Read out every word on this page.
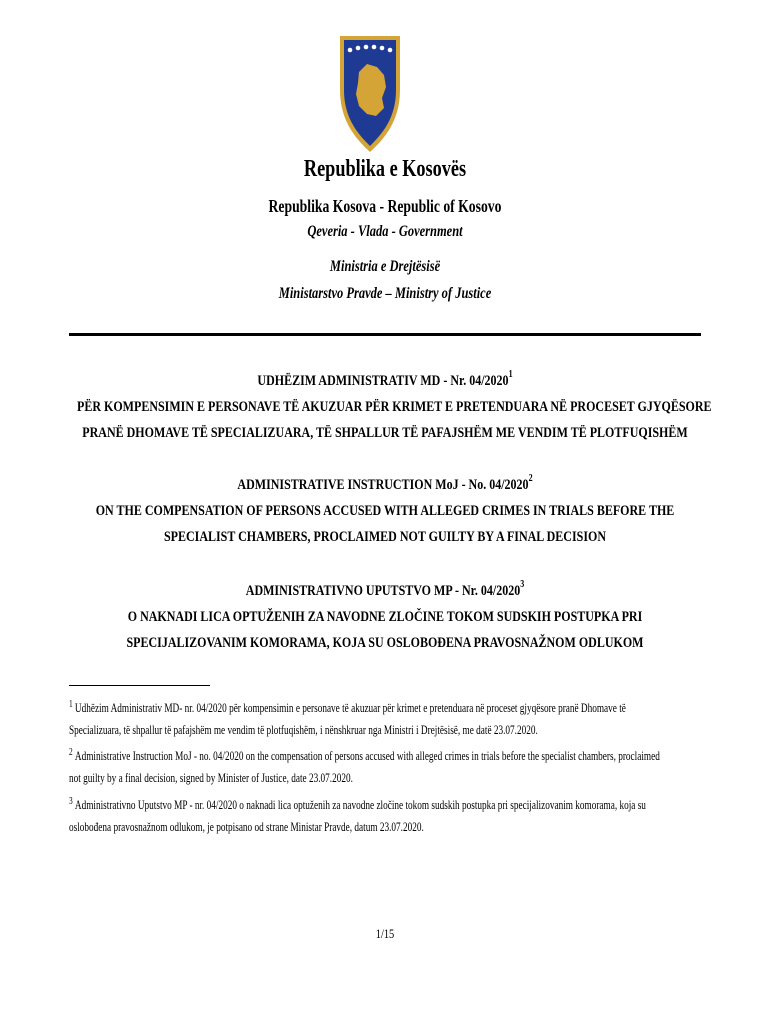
Republika e Kosovës
Republika Kosova - Republic of Kosovo
Qeveria - Vlada - Government
Ministria e Drejtësisë
Ministarstvo Pravde – Ministry of Justice
UDHËZIM ADMINISTRATIV MD - Nr. 04/2020$^1$
PËR KOMPENSIMIN E PERSONAVE TË AKUZUAR PËR KRIMET E PRETENDUARA NË PROCESET GJYQËSORE
PRANË DHOMAVE TË SPECIALIZUARA, TË SHPALLUR TË PAFAJSHËM ME VENDIM TË PLOTFUQISHËM
ADMINISTRATIVE INSTRUCTION MoJ - No. 04/2020$^2$
ON THE COMPENSATION OF PERSONS ACCUSED WITH ALLEGED CRIMES IN TRIALS BEFORE THE
SPECIALIST CHAMBERS, PROCLAIMED NOT GUILTY BY A FINAL DECISION
ADMINISTRATIVNO UPUTSTVO MP - Nr. 04/2020$^3$
O NAKNADI LICA OPTUŽENIH ZA NAVODNE ZLOČINE TOKOM SUDSKIH POSTUPKA PRI
SPECIJALIZOVANIM KOMORAMA, KOJA SU OSLOBOĐENA PRAVOSNAŽNOM ODLUKOM
$^1$ Udhëzim Administrativ MD- nr. 04/2020 për kompensimin e personave të akuzuar për krimet e pretenduara në proceset gjyqësore pranë Dhomave të
Specializuara, të shpallur të pafajshëm me vendim të plotfuqishëm, i nënshkruar nga Ministri i Drejtësisë, me datë 23.07.2020.
$^2$ Administrative Instruction MoJ - no. 04/2020 on the compensation of persons accused with alleged crimes in trials before the specialist chambers, proclaimed
not guilty by a final decision, signed by Minister of Justice, date 23.07.2020.
$^3$ Administrativno Uputstvo MP - nr. 04/2020 o naknadi lica optuženih za navodne zločine tokom sudskih postupka pri specijalizovanim komorama, koja su
oslobođena pravosnažnom odlukom, je potpisano od strane Ministar Pravde, datum 23.07.2020.
1/15
